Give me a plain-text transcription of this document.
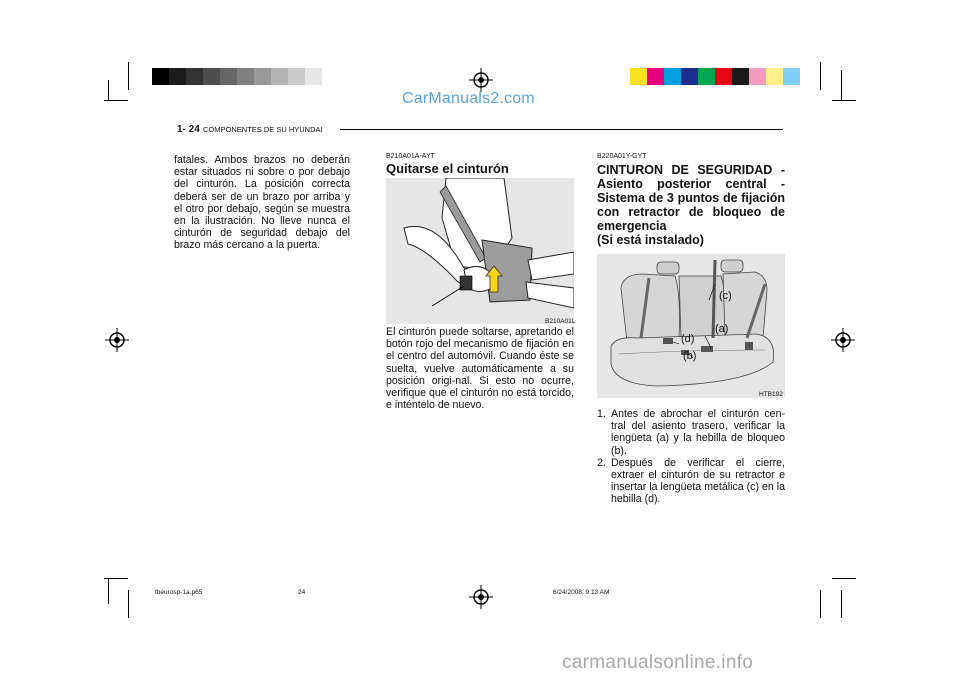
CarManuals2.com
1- 24 COMPONENTES DE SU HYUNDAI
fatales. Ambos brazos no deberán estar situados ni sobre o por debajo del cinturón. La posición correcta deberá ser de un brazo por arriba y el otro por debajo, según se muestra en la ilustración. No lleve nunca el cinturón de seguridad debajo del brazo más cercano a la puerta.
B210A01A-AYT
Quitarse el cinturón
B210A01L
El cinturón puede soltarse, apretando el botón rojo del mecanismo de fijación en el centro del automóvil. Cuando éste se suelta, vuelve automáticamente a su posición origi-nal. Si esto no ocurre, verifique que el cinturón no está torcido, e inténtelo de nuevo.
B220A01Y-GYT
CINTURON DE SEGURIDAD -
Asiento posterior central -
Sistema de 3 puntos de fijación
con retractor de bloqueo de
emergencia
(Si está instalado)
(c)
(a)
(d)
(b)
HTB192
1. Antes de abrochar el cinturón cen-tral del asiento trasero, verificar la lengüeta (a) y la hebilla de bloqueo (b).
2. Después de verificar el cierre, extraer el cinturón de su retractor e insertar la lengüeta metálica (c) en la hebilla (d).
tbeurosp-1a.p65	24	6/24/2008, 9:13 AM
carmanualsonline.info
